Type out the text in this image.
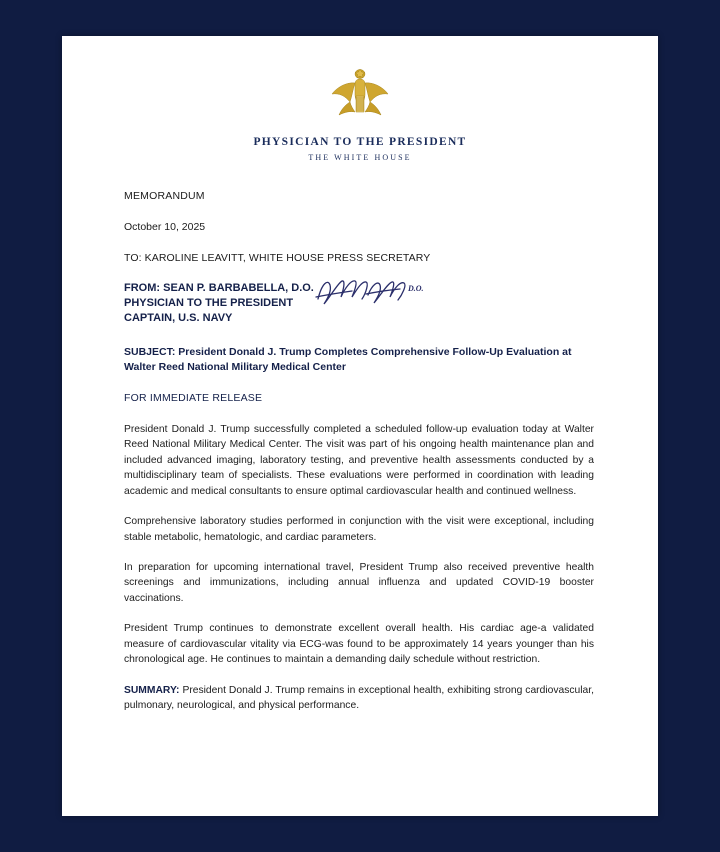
PHYSICIAN TO THE PRESIDENT
THE WHITE HOUSE
MEMORANDUM
October 10, 2025
TO: KAROLINE LEAVITT, WHITE HOUSE PRESS SECRETARY
FROM: SEAN P. BARBABELLA, D.O.
PHYSICIAN TO THE PRESIDENT
CAPTAIN, U.S. NAVY
D.O.
SUBJECT: President Donald J. Trump Completes Comprehensive Follow-Up Evaluation at Walter Reed National Military Medical Center
FOR IMMEDIATE RELEASE

President Donald J. Trump successfully completed a scheduled follow-up evaluation today at Walter Reed National Military Medical Center. The visit was part of his ongoing health maintenance plan and included advanced imaging, laboratory testing, and preventive health assessments conducted by a multidisciplinary team of specialists. These evaluations were performed in coordination with leading academic and medical consultants to ensure optimal cardiovascular health and continued wellness.

Comprehensive laboratory studies performed in conjunction with the visit were exceptional, including stable metabolic, hematologic, and cardiac parameters.

In preparation for upcoming international travel, President Trump also received preventive health screenings and immunizations, including annual influenza and updated COVID-19 booster vaccinations.

President Trump continues to demonstrate excellent overall health. His cardiac age-a validated measure of cardiovascular vitality via ECG-was found to be approximately 14 years younger than his chronological age. He continues to maintain a demanding daily schedule without restriction.

SUMMARY: President Donald J. Trump remains in exceptional health, exhibiting strong cardiovascular, pulmonary, neurological, and physical performance.
